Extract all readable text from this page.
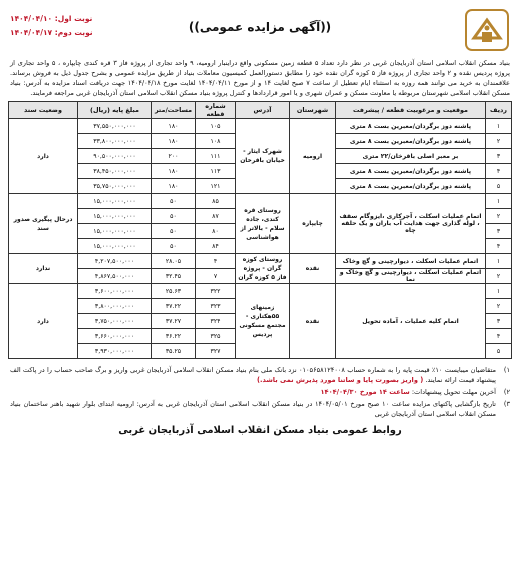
نوبت اول: ۱۴۰۴/۰۴/۱۰
نوبت دوم: ۱۴۰۴/۰۴/۱۷	((آگهی مزایده عمومی))
بنیاد مسکن انقلاب اسلامی استان آذربایجان غربی در نظر دارد تعداد ۵ قطعه زمین مسکونی واقع دراینبار ارومیه، ۹ واحد تجاری از پروژه فاز ۳ قره کندی چایپاره ، ۵ واحد تجاری از پروژه پردیس نقده و ۲ واحد تجاری از پروژه فاز ۵ کوزه گران نقده خود را مطابق دستورالعمل کمیسیون معاملات بنیاد از طریق مزایده عمومی و بشرح جدول ذیل به فروش برساند. علاقمندان به خرید می توانند همه روزه به استثناء ایام تعطیل از ساعت ۷ صبح لغایت ۱۴ و از مورخ ۱۴۰۴/۰۴/۱۱ لغایت مورخ ۱۴۰۴/۰۴/۱۸ جهت دریافت اسناد مزایده به آدرس: بنیاد مسکن انقلاب اسلامی شهرستان مربوطه یا معاونت مسکن و عمران شهری و یا امور قراردادها و کنترل پروژه بنیاد مسکن انقلاب اسلامی استان آذربایجان غربی مراجعه فرمایند.
ردیف	موقعیت و مرغوبیت قطعه / پیشرفت	شهرستان	آدرس	شماره قطعه	مساحت/متر	مبلغ پایه (ریال)	وضعیت سند
۱	پاشنه دوز برگردان/معبرین بست ۸ متری	ارومیه	شهرک ایثار - خیابان باقرخان	۱۰۵	۱۸۰	۳۷,۵۵۰,۰۰۰,۰۰۰	دارد
۲	پاشنه دوز برگردان/معبرین بست ۸ متری			۱۰۸	۱۸۰	۳۳,۸۰۰,۰۰۰,۰۰۰	
۳	بر معبر اصلی باقرخان/۲۲ متری			۱۱۱	۲۰۰	۹۰,۵۰۰,۰۰۰,۰۰۰	
۴	پاشنه دوز برگردان/معبرین بست ۸ متری			۱۱۳	۱۸۰	۳۸,۴۵۰,۰۰۰,۰۰۰	
۵	پاشنه دوز برگردان/معبرین بست ۸ متری			۱۲۱	۱۸۰	۳۵,۷۵۰,۰۰۰,۰۰۰	
۱	اتمام عملیات اسکلت ، آجرکاری ،ایزوگام سقف ، لوله گذاری جهت هدایت آب باران و یک حلقه چاه	چایپاره	روستای قره کندی، جاده سلام - بالاتر از هواشناسی	۸۵	۵۰	۱۵,۰۰۰,۰۰۰,۰۰۰	درحال پیگیری صدور سند
۲				۸۷	۵۰	۱۵,۰۰۰,۰۰۰,۰۰۰	
۳				۸۰	۵۰	۱۵,۰۰۰,۰۰۰,۰۰۰	
۴				۸۴	۵۰	۱۵,۰۰۰,۰۰۰,۰۰۰	
۱	اتمام عملیات اسکلت ، دیوارچینی و گچ وخاک	نقده	روستای کوزه گران - پروژه فاز ۵ کوزه گران	۴	۲۸.۰۵	۴,۲۰۷,۵۰۰,۰۰۰	ندارد
۲	اتمام عملیات اسکلت ، دیوارچینی و گچ وخاک و نما			۷	۳۲.۴۵	۴,۸۶۷,۵۰۰,۰۰۰	
۱	اتمام کلیه عملیات ، آماده تحویل	نقده	زمینهای ۵۵هکتاری - مجتمع مسکونی پردیس	۳۲۲	۲۵.۶۳	۳,۶۰۰,۰۰۰,۰۰۰	دارد
۲				۳۲۳	۳۷.۲۲	۳,۸۰۰,۰۰۰,۰۰۰	
۳				۳۲۴	۳۷.۲۷	۳,۷۵۰,۰۰۰,۰۰۰	
۴				۳۲۵	۳۶.۲۲	۳,۶۶۰,۰۰۰,۰۰۰	
۵				۳۲۷	۳۵.۲۵	۳,۹۳۰,۰۰۰,۰۰۰	
۱)
متقاضیان میبایست ۱۰٪ قیمت پایه را به شماره حساب ۰۱۰۵۶۵۸۱۲۴۰۰۸ نزد بانک ملی بنام بنیاد مسکن انقلاب اسلامی آذربایجان غربی واریز و برگ صاحب حساب را در پاکت الف پیشنهاد قیمت ارائه نمایند. ( واریز بصورت پایا و ساتنا مورد پذیرش نمی باشد.)
۲)
آخرین مهلت تحویل پیشنهادات: ساعت ۱۴ مورخ ۱۴۰۴/۰۴/۳۰
۳)
تاریخ بازگشایی پاکتهای مزایده ساعت ۱۰ صبح مورخ ۱۴۰۴/۰۵/۰۱ در بنیاد مسکن انقلاب اسلامی استان آذربایجان غربی به آدرس: ارومیه ابتدای بلوار شهید باهنر ساختمان بنیاد مسکن انقلاب اسلامی استان آذربایجان غربی
روابط عمومی بنیاد مسکن انقلاب اسلامی آذربایجان غربی
